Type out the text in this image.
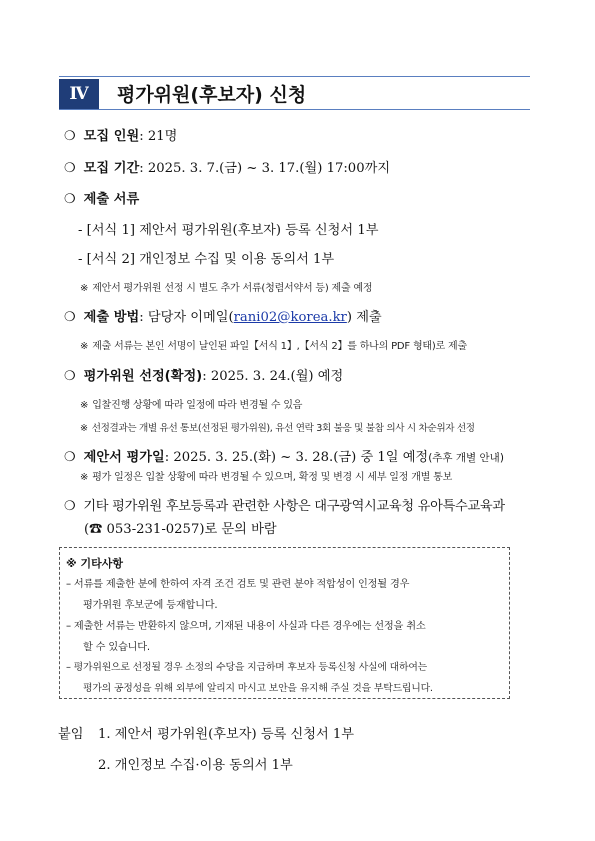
Ⅳ	평가위원(후보자) 신청
❍ 모집 인원: 21명
❍ 모집 기간: 2025. 3. 7.(금) ~ 3. 17.(월) 17:00까지
❍ 제출 서류
- [서식 1] 제안서 평가위원(후보자) 등록 신청서 1부
- [서식 2] 개인정보 수집 및 이용 동의서 1부
※ 제안서 평가위원 선정 시 별도 추가 서류(청렴서약서 등) 제출 예정
❍ 제출 방법: 담당자 이메일(rani02@korea.kr) 제출
※ 제출 서류는 본인 서명이 날인된 파일【서식 1】,【서식 2】를 하나의 PDF 형태)로 제출
❍ 평가위원 선정(확정): 2025. 3. 24.(월) 예정
※ 입찰진행 상황에 따라 일정에 따라 변경될 수 있음
※ 선정결과는 개별 유선 통보(선정된 평가위원), 유선 연락 3회 불응 및 불참 의사 시 차순위자 선정
❍ 제안서 평가일: 2025. 3. 25.(화) ~ 3. 28.(금) 중 1일 예정(추후 개별 안내)
※ 평가 일정은 입찰 상황에 따라 변경될 수 있으며, 확정 및 변경 시 세부 일정 개별 통보
❍ 기타 평가위원 후보등록과 관련한 사항은 대구광역시교육청 유아특수교육과
(☎ 053-231-0257)로 문의 바람
※ 기타사항
– 서류를 제출한 분에 한하여 자격 조건 검토 및 관련 분야 적합성이 인정될 경우
평가위원 후보군에 등재합니다.
– 제출한 서류는 반환하지 않으며, 기재된 내용이 사실과 다른 경우에는 선정을 취소
할 수 있습니다.
– 평가위원으로 선정될 경우 소정의 수당을 지급하며 후보자 등록신청 사실에 대하여는
평가의 공정성을 위해 외부에 알리지 마시고 보안을 유지해 주실 것을 부탁드립니다.
붙임 1. 제안서 평가위원(후보자) 등록 신청서 1부
2. 개인정보 수집·이용 동의서 1부
